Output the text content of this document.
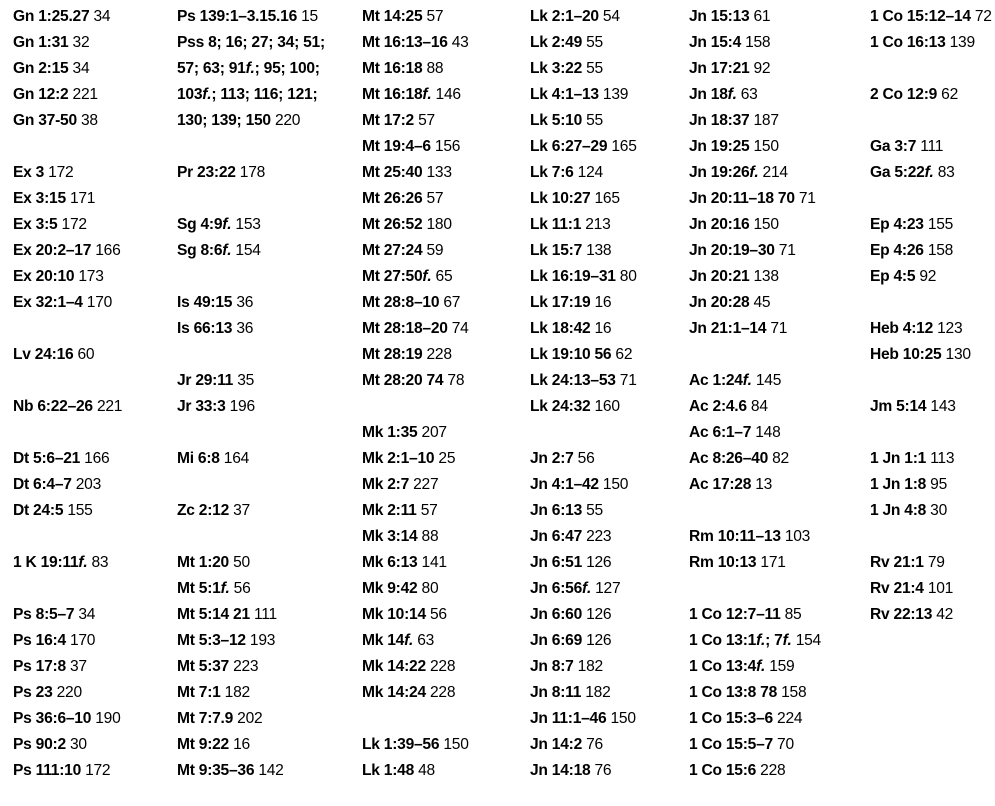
Gn 1:25.27 34
Gn 1:31 32
Gn 2:15 34
Gn 12:2 221
Gn 37-50 38

Ex 3 172
Ex 3:15 171
Ex 3:5 172
Ex 20:2–17 166
Ex 20:10 173
Ex 32:1–4 170

Lv 24:16 60

Nb 6:22–26 221

Dt 5:6–21 166
Dt 6:4–7 203
Dt 24:5 155

1 K 19:11f. 83

Ps 8:5–7 34
Ps 16:4 170
Ps 17:8 37
Ps 23 220
Ps 36:6–10 190
Ps 90:2 30
Ps 111:10 172
Ps 139:1–3.15.16 15
Pss 8; 16; 27; 34; 51;
57; 63; 91f.; 95; 100;
103f.; 113; 116; 121;
130; 139; 150 220

Pr 23:22 178

Sg 4:9f. 153
Sg 8:6f. 154

Is 49:15 36
Is 66:13 36

Jr 29:11 35
Jr 33:3 196

Mi 6:8 164

Zc 2:12 37

Mt 1:20 50
Mt 5:1f. 56
Mt 5:14 21 111
Mt 5:3–12 193
Mt 5:37 223
Mt 7:1 182
Mt 7:7.9 202
Mt 9:22 16
Mt 9:35–36 142
Mt 14:25 57
Mt 16:13–16 43
Mt 16:18 88
Mt 16:18f. 146
Mt 17:2 57
Mt 19:4–6 156
Mt 25:40 133
Mt 26:26 57
Mt 26:52 180
Mt 27:24 59
Mt 27:50f. 65
Mt 28:8–10 67
Mt 28:18–20 74
Mt 28:19 228
Mt 28:20 74 78

Mk 1:35 207
Mk 2:1–10 25
Mk 2:7 227
Mk 2:11 57
Mk 3:14 88
Mk 6:13 141
Mk 9:42 80
Mk 10:14 56
Mk 14f. 63
Mk 14:22 228
Mk 14:24 228

Lk 1:39–56 150
Lk 1:48 48
Lk 2:1–20 54
Lk 2:49 55
Lk 3:22 55
Lk 4:1–13 139
Lk 5:10 55
Lk 6:27–29 165
Lk 7:6 124
Lk 10:27 165
Lk 11:1 213
Lk 15:7 138
Lk 16:19–31 80
Lk 17:19 16
Lk 18:42 16
Lk 19:10 56 62
Lk 24:13–53 71
Lk 24:32 160

Jn 2:7 56
Jn 4:1–42 150
Jn 6:13 55
Jn 6:47 223
Jn 6:51 126
Jn 6:56f. 127
Jn 6:60 126
Jn 6:69 126
Jn 8:7 182
Jn 8:11 182
Jn 11:1–46 150
Jn 14:2 76
Jn 14:18 76
Jn 15:13 61
Jn 15:4 158
Jn 17:21 92
Jn 18f. 63
Jn 18:37 187
Jn 19:25 150
Jn 19:26f. 214
Jn 20:11–18 70 71
Jn 20:16 150
Jn 20:19–30 71
Jn 20:21 138
Jn 20:28 45
Jn 21:1–14 71

Ac 1:24f. 145
Ac 2:4.6 84
Ac 6:1–7 148
Ac 8:26–40 82
Ac 17:28 13

Rm 10:11–13 103
Rm 10:13 171

1 Co 12:7–11 85
1 Co 13:1f.; 7f. 154
1 Co 13:4f. 159
1 Co 13:8 78 158
1 Co 15:3–6 224
1 Co 15:5–7 70
1 Co 15:6 228
1 Co 15:12–14 72
1 Co 16:13 139

2 Co 12:9 62

Ga 3:7 111
Ga 5:22f. 83

Ep 4:23 155
Ep 4:26 158
Ep 4:5 92

Heb 4:12 123
Heb 10:25 130

Jm 5:14 143

1 Jn 1:1 113
1 Jn 1:8 95
1 Jn 4:8 30

Rv 21:1 79
Rv 21:4 101
Rv 22:13 42
